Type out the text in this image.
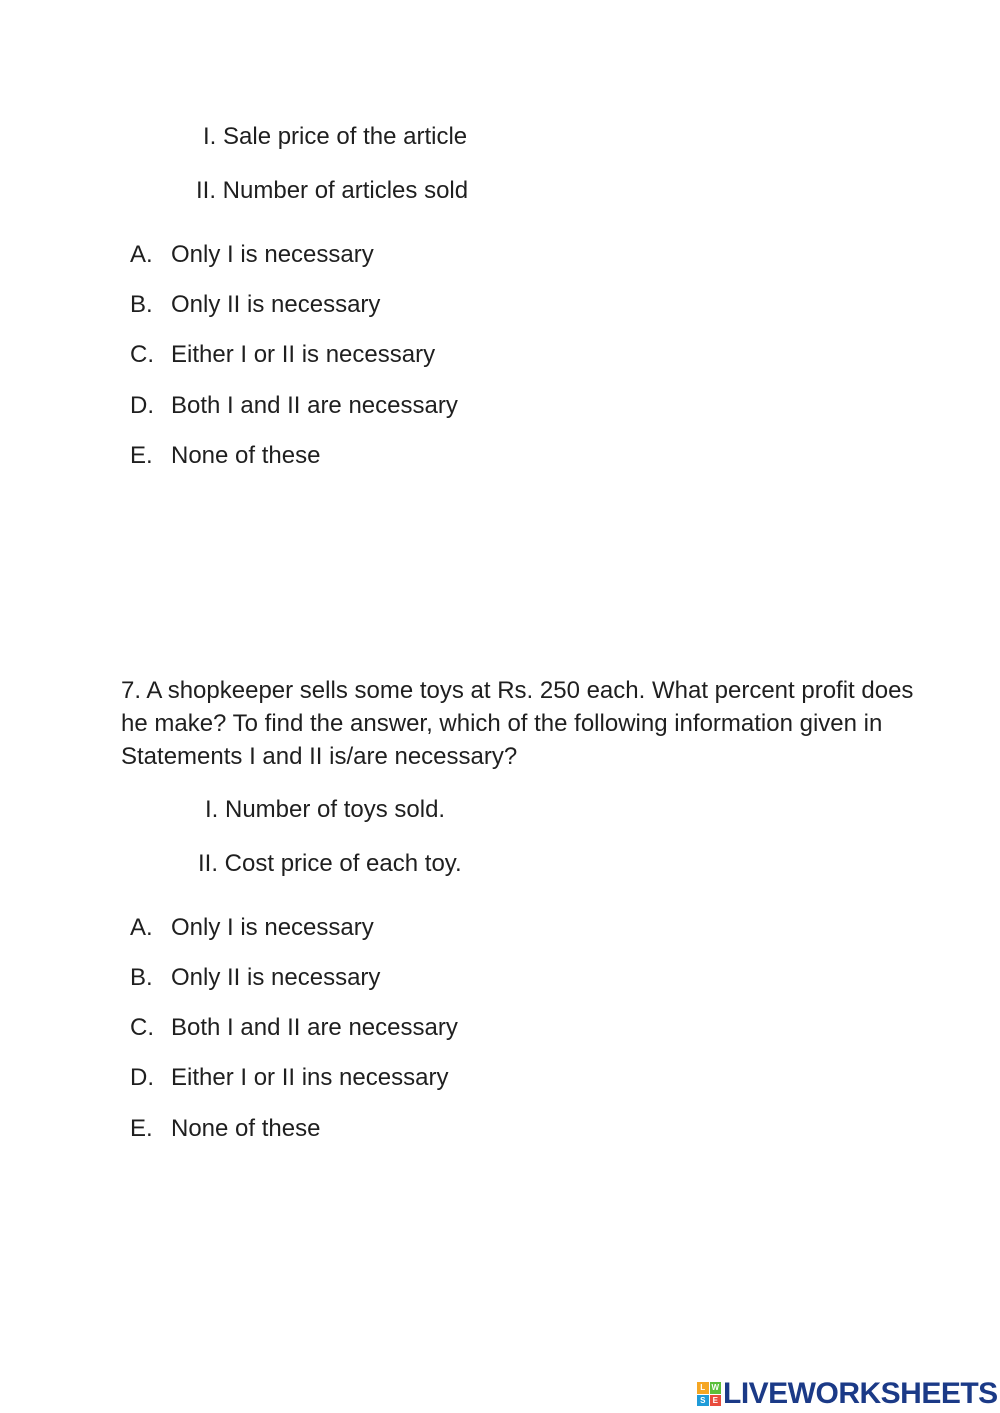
I. Sale price of the article
II. Number of articles sold
A. Only I is necessary
B. Only II is necessary
C. Either I or II is necessary
D. Both I and II are necessary
E. None of these
7. A shopkeeper sells some toys at Rs. 250 each. What percent profit does he make? To find the answer, which of the following information given in Statements I and II is/are necessary?
I. Number of toys sold.
II. Cost price of each toy.
A. Only I is necessary
B. Only II is necessary
C. Both I and II are necessary
D. Either I or II ins necessary
E. None of these
L W
S E LIVEWORKSHEETS
